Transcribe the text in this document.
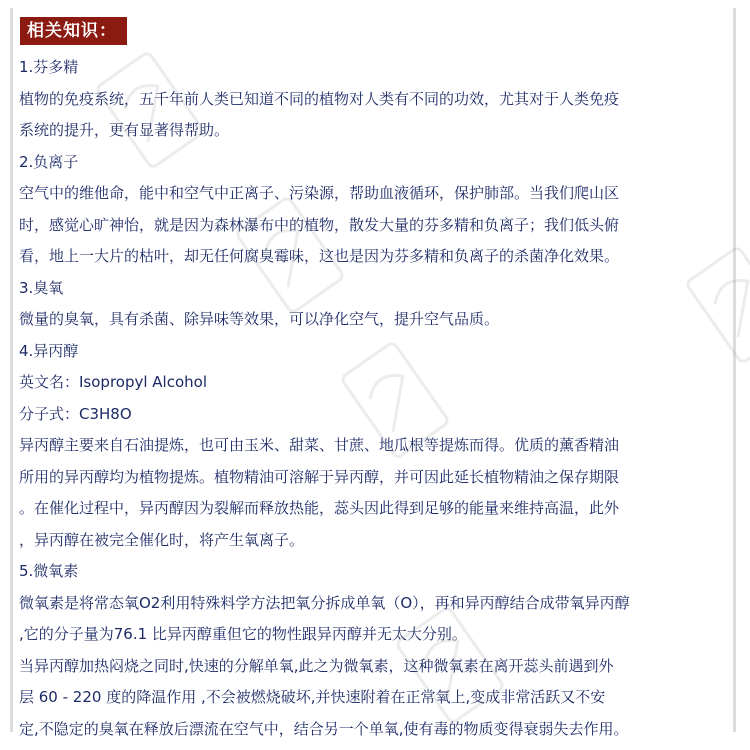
相关知识：
1.芬多精
植物的免疫系统，五千年前人类已知道不同的植物对人类有不同的功效，尤其对于人类免疫
系统的提升，更有显著得帮助。
2.负离子
空气中的维他命，能中和空气中正离子、污染源，帮助血液循环，保护肺部。当我们爬山区
时，感觉心旷神怡，就是因为森林瀑布中的植物，散发大量的芬多精和负离子；我们低头俯
看，地上一大片的枯叶，却无任何腐臭霉味，这也是因为芬多精和负离子的杀菌净化效果。
3.臭氧
微量的臭氧，具有杀菌、除异味等效果，可以净化空气，提升空气品质。
4.异丙醇
英文名：Isopropyl Alcohol
分子式：C3H8O
异丙醇主要来自石油提炼，也可由玉米、甜菜、甘蔗、地瓜根等提炼而得。优质的薰香精油
所用的异丙醇均为植物提炼。植物精油可溶解于异丙醇，并可因此延长植物精油之保存期限
。在催化过程中，异丙醇因为裂解而释放热能，蕊头因此得到足够的能量来维持高温，此外
，异丙醇在被完全催化时，将产生氧离子。
5.微氧素
微氧素是将常态氧O2利用特殊料学方法把氧分拆成单氧（O），再和异丙醇结合成带氧异丙醇
,它的分子量为76.1 比异丙醇重但它的物性跟异丙醇并无太大分别。
当异丙醇加热闷烧之同时,快速的分解单氧,此之为微氧素，这种微氧素在离开蕊头前遇到外
层 60 - 220 度的降温作用 ,不会被燃烧破坏,并快速附着在正常氧上,变成非常活跃又不安
定,不隐定的臭氧在释放后漂流在空气中，结合另一个单氧,使有毒的物质变得衰弱失去作用。
